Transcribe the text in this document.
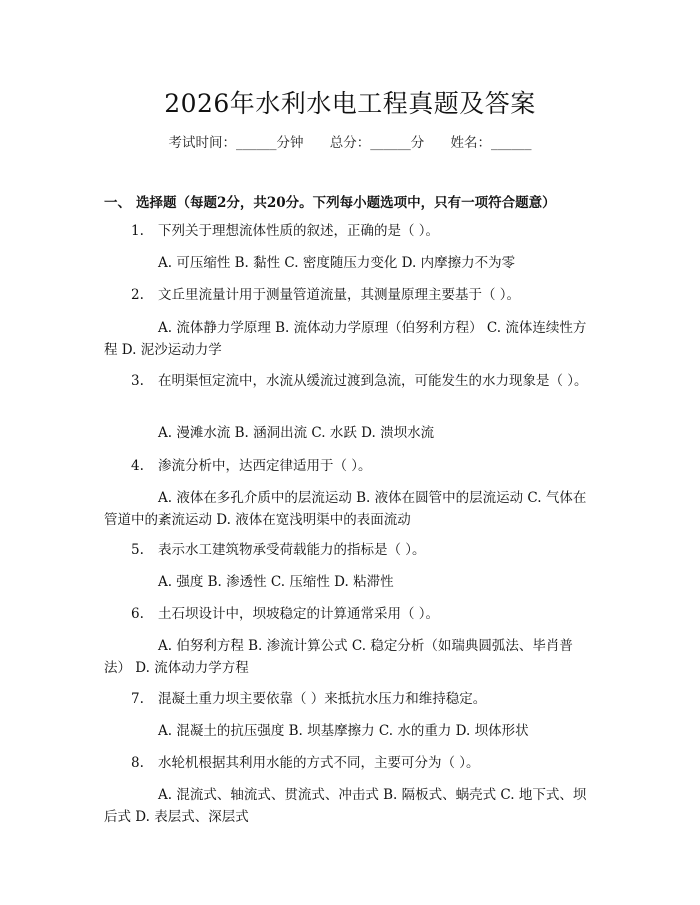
2026年水利水电工程真题及答案
考试时间：______分钟 总分：______分 姓名：______
一、 选择题（每题2分，共20分。下列每小题选项中，只有一项符合题意）
1. 下列关于理想流体性质的叙述，正确的是（ ）。
A. 可压缩性 B. 黏性 C. 密度随压力变化 D. 内摩擦力不为零
2. 文丘里流量计用于测量管道流量，其测量原理主要基于（ ）。
A. 流体静力学原理 B. 流体动力学原理（伯努利方程） C. 流体连续性方程 D. 泥沙运动力学
3. 在明渠恒定流中，水流从缓流过渡到急流，可能发生的水力现象是（ ）。
A. 漫滩水流 B. 涵洞出流 C. 水跃 D. 溃坝水流
4. 渗流分析中，达西定律适用于（ ）。
A. 液体在多孔介质中的层流运动 B. 液体在圆管中的层流运动 C. 气体在管道中的紊流运动 D. 液体在宽浅明渠中的表面流动
5. 表示水工建筑物承受荷载能力的指标是（ ）。
A. 强度 B. 渗透性 C. 压缩性 D. 粘滞性
6. 土石坝设计中，坝坡稳定的计算通常采用（ ）。
A. 伯努利方程 B. 渗流计算公式 C. 稳定分析（如瑞典圆弧法、毕肖普法） D. 流体动力学方程
7. 混凝土重力坝主要依靠（ ）来抵抗水压力和维持稳定。
A. 混凝土的抗压强度 B. 坝基摩擦力 C. 水的重力 D. 坝体形状
8. 水轮机根据其利用水能的方式不同，主要可分为（ ）。
A. 混流式、轴流式、贯流式、冲击式 B. 隔板式、蜗壳式 C. 地下式、坝后式 D. 表层式、深层式
